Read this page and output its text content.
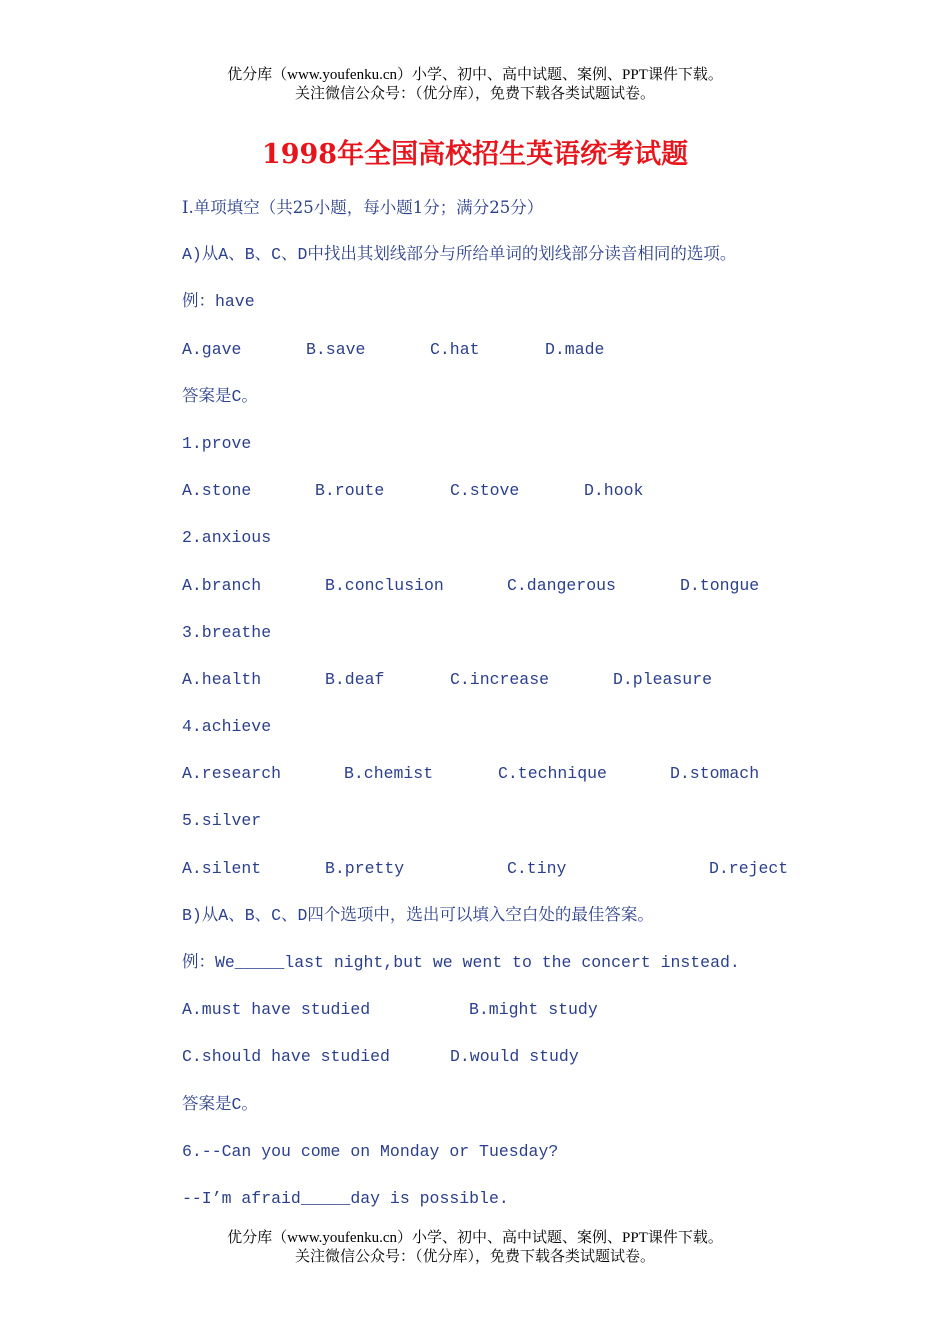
优分库（www.youfenku.cn）小学、初中、高中试题、案例、PPT课件下载。
关注微信公众号：（优分库），免费下载各类试题试卷。
1998年全国高校招生英语统考试题
Ⅰ.单项填空（共25小题，每小题1分；满分25分）
A)从A、B、C、D中找出其划线部分与所给单词的划线部分读音相同的选项。
例：have
A.gave	B.save	C.hat	D.made
答案是C。
1.prove
A.stone	B.route	C.stove	D.hook
2.anxious
A.branch	B.conclusion	C.dangerous	D.tongue
3.breathe
A.health	B.deaf	C.increase	D.pleasure
4.achieve
A.research	B.chemist	C.technique	D.stomach
5.silver
A.silent	B.pretty	C.tiny	D.reject
B)从A、B、C、D四个选项中，选出可以填入空白处的最佳答案。
例：We_____last night,but we went to the concert instead.
A.must have studied	B.might study
C.should have studied	D.would study
答案是C。
6.--Can you come on Monday or Tuesday?
--I’m afraid_____day is possible.
优分库（www.youfenku.cn）小学、初中、高中试题、案例、PPT课件下载。
关注微信公众号：（优分库），免费下载各类试题试卷。
